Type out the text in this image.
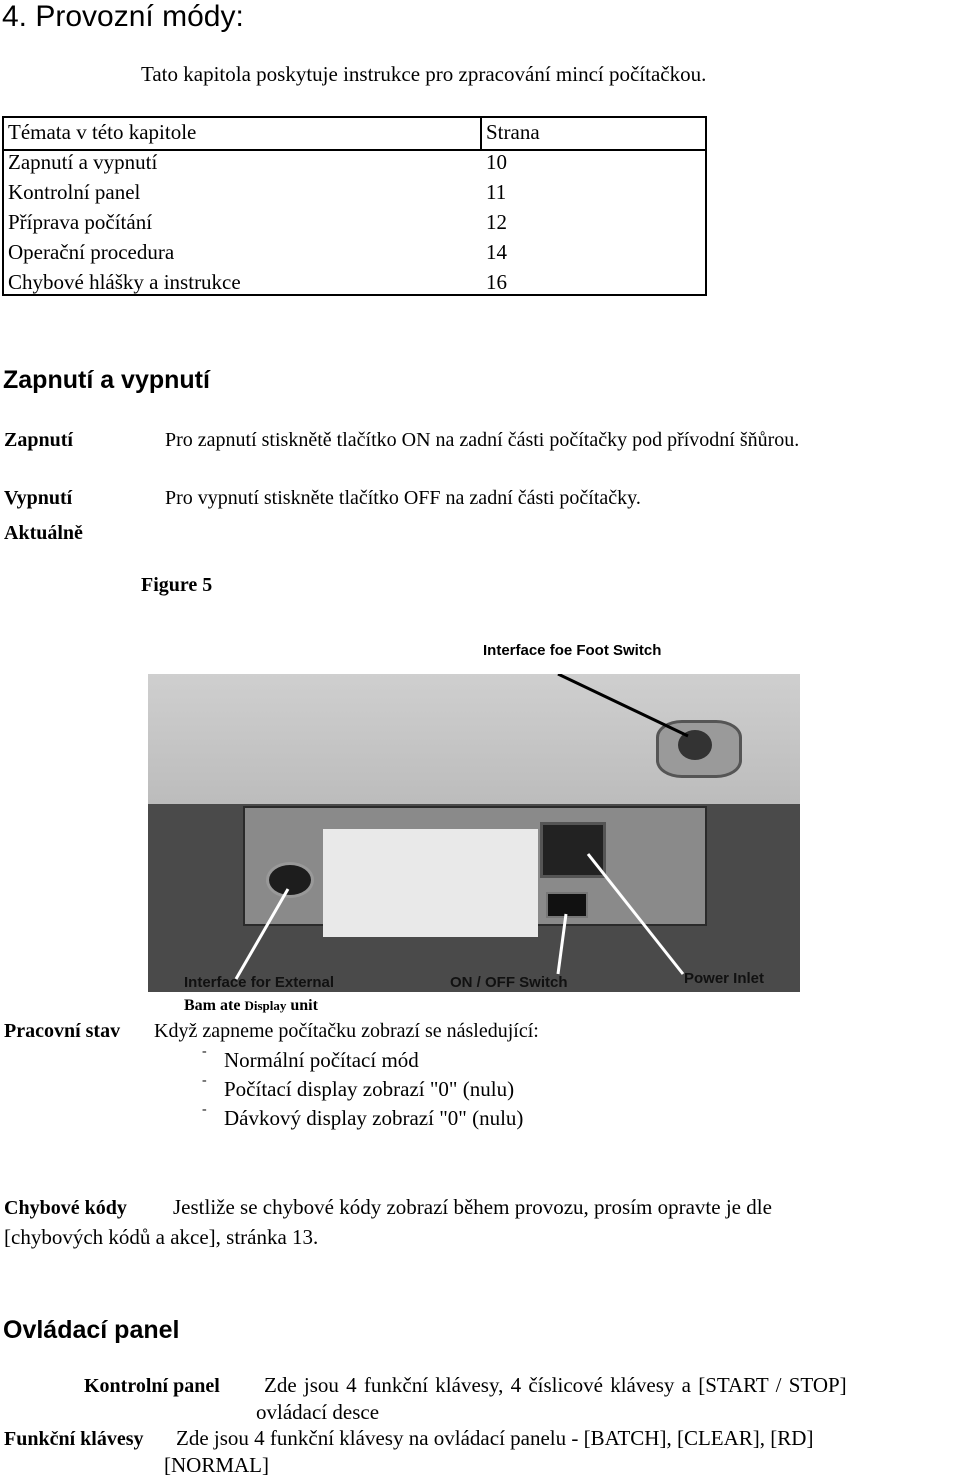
4. Provozní módy:
Tato kapitola poskytuje instrukce pro zpracování mincí počítačkou.
Témata v této kapitole	Strana
Zapnutí a vypnutí	10
Kontrolní panel	11
Příprava počítání	12
Operační procedura	14
Chybové hlášky a instrukce	16
Zapnutí a vypnutí
Zapnutí	Pro zapnutí stisknětě tlačítko ON na zadní části počítačky pod přívodní šňůrou.
Vypnutí	Pro vypnutí stiskněte tlačítko OFF na zadní části počítačky.
Aktuálně
Figure 5
Interface foe Foot Switch
Interface for External	ON / OFF Switch	Power Inlet
Bam ate Display unit
Pracovní stav Když zapneme počítačku zobrazí se následující:
- Normální počítací mód
- Počítací display zobrazí "0" (nulu)
- Dávkový display zobrazí "0" (nulu)
Chybové kódy Jestliže se chybové kódy zobrazí během provozu, prosím opravte je dle
[chybových kódů a akce], stránka 13.
Ovládací panel
Kontrolní panel Zde jsou 4 funkční klávesy, 4 číslicové klávesy a [START / STOP]
ovládací desce
Funkční klávesy Zde jsou 4 funkční klávesy na ovládací panelu - [BATCH], [CLEAR], [RD]
[NORMAL]
